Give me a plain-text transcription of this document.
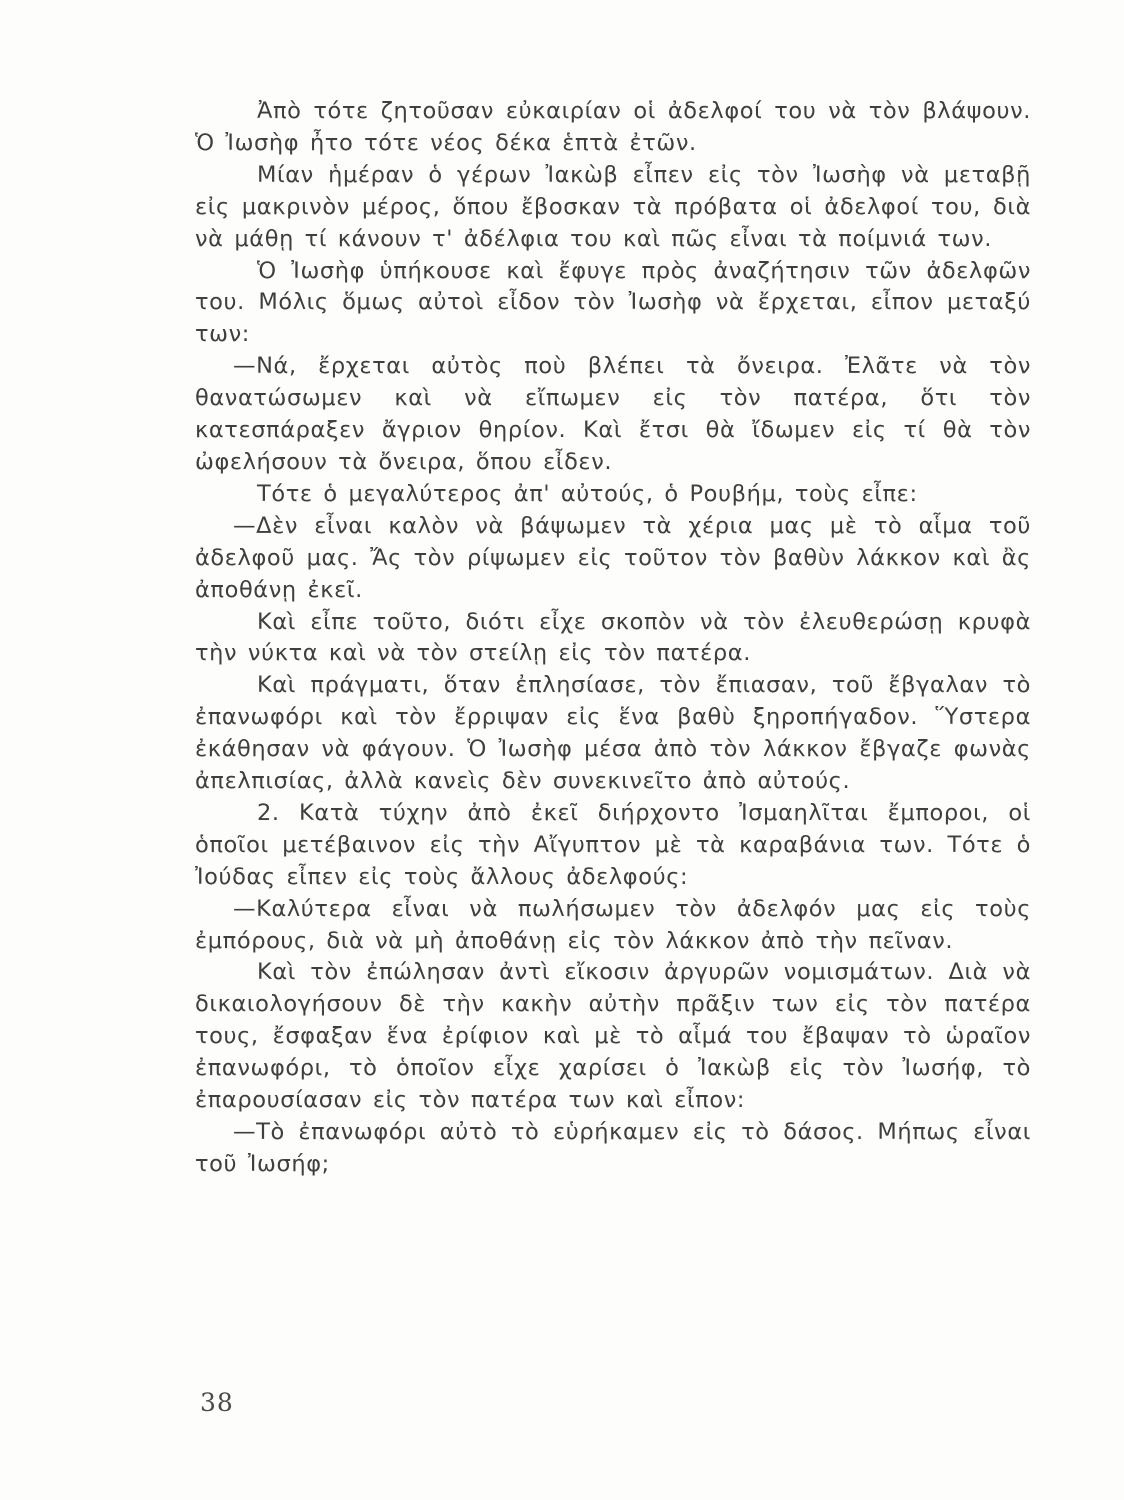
Ἀπὸ τότε ζητοῦσαν εὐκαιρίαν οἱ ἀδελφοί του νὰ τὸν βλάψουν. Ὁ Ἰωσὴφ ἦτο τότε νέος δέκα ἑπτὰ ἐτῶν.

Μίαν ἡμέραν ὁ γέρων Ἰακὼβ εἶπεν εἰς τὸν Ἰωσὴφ νὰ μεταβῇ εἰς μακρινὸν μέρος, ὅπου ἔβοσκαν τὰ πρόβατα οἱ ἀδελφοί του, διὰ νὰ μάθῃ τί κάνουν τ' ἀδέλφια του καὶ πῶς εἶναι τὰ ποίμνιά των.

Ὁ Ἰωσὴφ ὑπήκουσε καὶ ἔφυγε πρὸς ἀναζήτησιν τῶν ἀδελφῶν του. Μόλις ὅμως αὐτοὶ εἶδον τὸν Ἰωσὴφ νὰ ἔρχεται, εἶπον μεταξύ των:

—Νά, ἔρχεται αὐτὸς ποὺ βλέπει τὰ ὄνειρα. Ἐλᾶτε νὰ τὸν θανατώσωμεν καὶ νὰ εἴπωμεν εἰς τὸν πατέρα, ὅτι τὸν κατεσπάραξεν ἄγριον θηρίον. Καὶ ἔτσι θὰ ἴδωμεν εἰς τί θὰ τὸν ὠφελήσουν τὰ ὄνειρα, ὅπου εἶδεν.

Τότε ὁ μεγαλύτερος ἀπ' αὐτούς, ὁ Ρουβήμ, τοὺς εἶπε:

—Δὲν εἶναι καλὸν νὰ βάψωμεν τὰ χέρια μας μὲ τὸ αἷμα τοῦ ἀδελφοῦ μας. Ἄς τὸν ρίψωμεν εἰς τοῦτον τὸν βαθὺν λάκκον καὶ ἂς ἀποθάνῃ ἐκεῖ.

Καὶ εἶπε τοῦτο, διότι εἶχε σκοπὸν νὰ τὸν ἐλευθερώσῃ κρυφὰ τὴν νύκτα καὶ νὰ τὸν στείλῃ εἰς τὸν πατέρα.

Καὶ πράγματι, ὅταν ἐπλησίασε, τὸν ἔπιασαν, τοῦ ἔβγαλαν τὸ ἐπανωφόρι καὶ τὸν ἔρριψαν εἰς ἕνα βαθὺ ξηροπήγαδον. Ὕστερα ἐκάθησαν νὰ φάγουν. Ὁ Ἰωσὴφ μέσα ἀπὸ τὸν λάκκον ἔβγαζε φωνὰς ἀπελπισίας, ἀλλὰ κανεὶς δὲν συνεκινεῖτο ἀπὸ αὐτούς.

2. Κατὰ τύχην ἀπὸ ἐκεῖ διήρχοντο Ἰσμαηλῖται ἔμποροι, οἱ ὁποῖοι μετέβαινον εἰς τὴν Αἴγυπτον μὲ τὰ καραβάνια των. Τότε ὁ Ἰούδας εἶπεν εἰς τοὺς ἄλλους ἀδελφούς:

—Καλύτερα εἶναι νὰ πωλήσωμεν τὸν ἀδελφόν μας εἰς τοὺς ἐμπόρους, διὰ νὰ μὴ ἀποθάνῃ εἰς τὸν λάκκον ἀπὸ τὴν πεῖναν.

Καὶ τὸν ἐπώλησαν ἀντὶ εἴκοσιν ἀργυρῶν νομισμάτων. Διὰ νὰ δικαιολογήσουν δὲ τὴν κακὴν αὐτὴν πρᾶξιν των εἰς τὸν πατέρα τους, ἔσφαξαν ἕνα ἐρίφιον καὶ μὲ τὸ αἷμά του ἔβαψαν τὸ ὡραῖον ἐπανωφόρι, τὸ ὁποῖον εἶχε χαρίσει ὁ Ἰακὼβ εἰς τὸν Ἰωσήφ, τὸ ἐπαρουσίασαν εἰς τὸν πατέρα των καὶ εἶπον:

—Τὸ ἐπανωφόρι αὐτὸ τὸ εὑρήκαμεν εἰς τὸ δάσος. Μήπως εἶναι τοῦ Ἰωσήφ;

38
